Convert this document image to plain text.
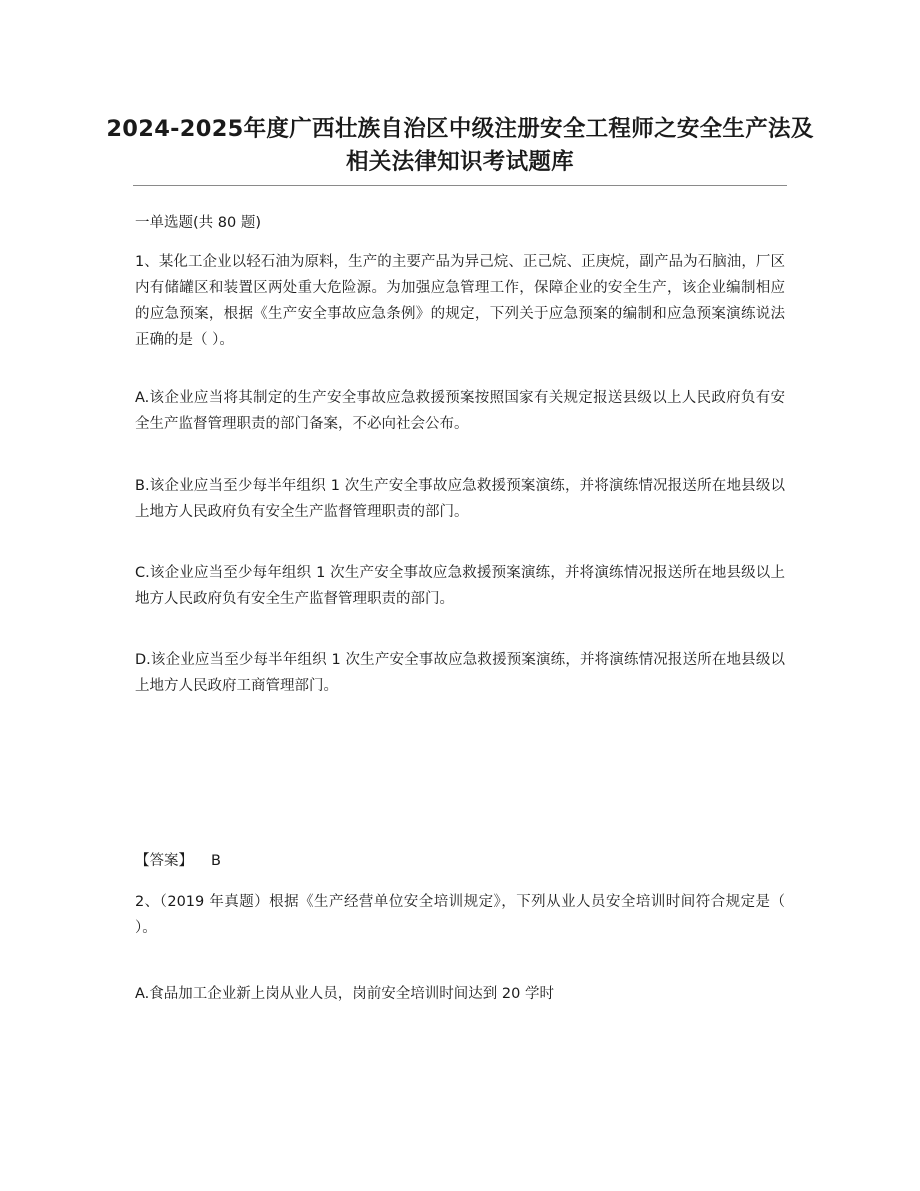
2024-2025年度广西壮族自治区中级注册安全工程师之安全生产法及相关法律知识考试题库

一单选题(共 80 题)

1、某化工企业以轻石油为原料，生产的主要产品为异己烷、正己烷、正庚烷，副产品为石脑油，厂区内有储罐区和装置区两处重大危险源。为加强应急管理工作，保障企业的安全生产，该企业编制相应的应急预案，根据《生产安全事故应急条例》的规定，下列关于应急预案的编制和应急预案演练说法正确的是（ ）。

A.该企业应当将其制定的生产安全事故应急救援预案按照国家有关规定报送县级以上人民政府负有安全生产监督管理职责的部门备案，不必向社会公布。

B.该企业应当至少每半年组织 1 次生产安全事故应急救援预案演练，并将演练情况报送所在地县级以上地方人民政府负有安全生产监督管理职责的部门。

C.该企业应当至少每年组织 1 次生产安全事故应急救援预案演练，并将演练情况报送所在地县级以上地方人民政府负有安全生产监督管理职责的部门。

D.该企业应当至少每半年组织 1 次生产安全事故应急救援预案演练，并将演练情况报送所在地县级以上地方人民政府工商管理部门。

【答案】 B

2、（2019 年真题）根据《生产经营单位安全培训规定》，下列从业人员安全培训时间符合规定是（ ）。

A.食品加工企业新上岗从业人员，岗前安全培训时间达到 20 学时
